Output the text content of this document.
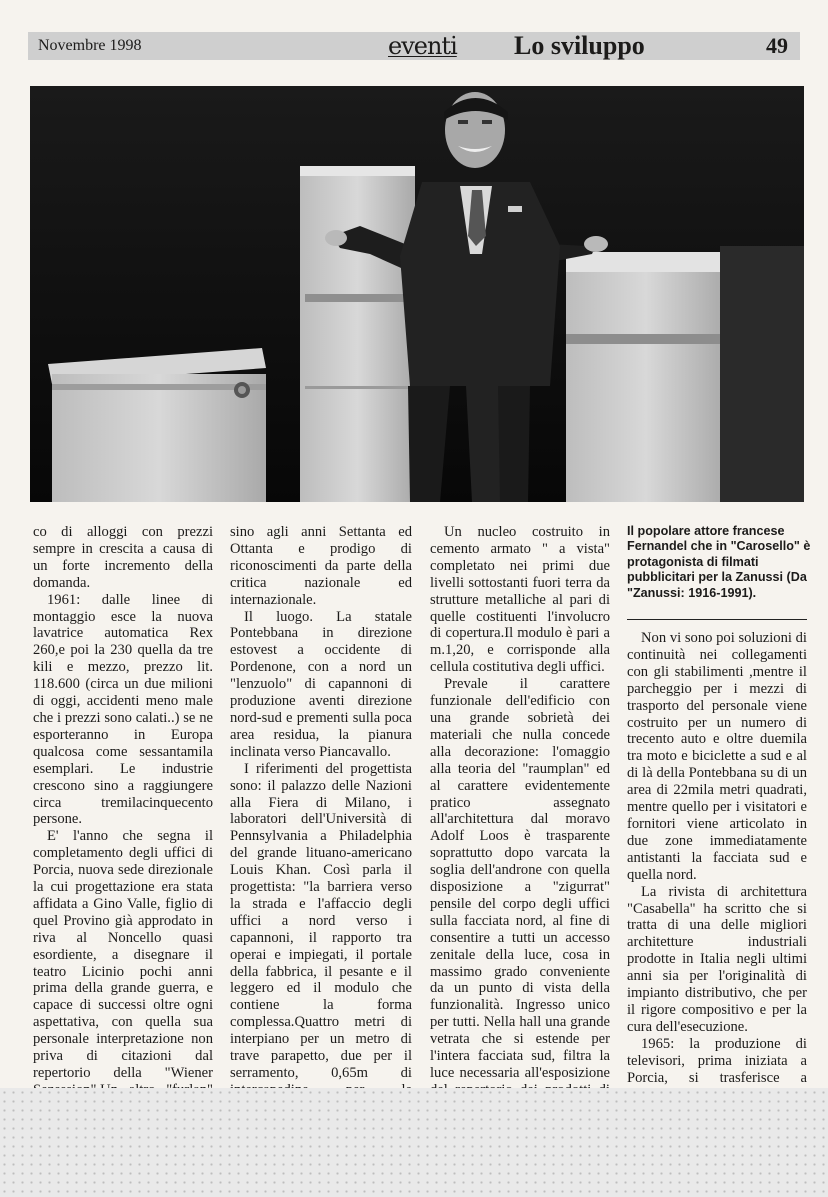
Novembre 1998	eventi Lo sviluppo	49

co di alloggi con prezzi sempre in crescita a causa di un forte incremento della domanda.

1961: dalle linee di montaggio esce la nuova lavatrice automatica Rex 260,e poi la 230 quella da tre kili e mezzo, prezzo lit. 118.600 (circa un due milioni di oggi, accidenti meno male che i prezzi sono calati..) se ne esporteranno in Europa qualcosa come sessantamila esemplari. Le industrie crescono sino a raggiungere circa tremilacinquecento persone.

E' l'anno che segna il completamento degli uffici di Porcia, nuova sede direzionale la cui progettazione era stata affidata a Gino Valle, figlio di quel Provino già approdato in riva al Noncello quasi esordiente, a disegnare il teatro Licinio pochi anni prima della grande guerra, e capace di successi oltre ogni aspettativa, con quella sua personale interpretazione non priva di citazioni dal repertorio della "Wiener

sino agli anni Settanta ed Ottanta e prodigo di riconoscimenti da parte della critica nazionale ed internazionale.

Il luogo. La statale Pontebbana in direzione estovest a occidente di Pordenone, con a nord un "lenzuolo" di capannoni di produzione aventi direzione nord-sud e prementi sulla poca area residua, la pianura inclinata verso Piancavallo.

I riferimenti del progettista sono: il palazzo delle Nazioni alla Fiera di Milano, i laboratori dell'Università di Pennsylvania a Philadelphia del grande lituano-americano Louis Khan. Così parla il progettista: "la barriera verso la strada e l'affaccio degli uffici a nord verso i capannoni, il rapporto tra operai e impiegati, il portale della fabbrica, il pesante e il leggero ed il modulo che contiene la forma complessa.Quattro metri di interpiano per un metro di trave parapetto, due per il serramento, 0,65m di

Un nucleo costruito in cemento armato " a vista" completato nei primi due livelli sottostanti fuori terra da strutture metalliche al pari di quelle costituenti l'involucro di copertura.Il modulo è pari a m.1,20, e corrisponde alla cellula costitutiva degli uffici.

Prevale il carattere funzionale dell'edificio con una grande sobrietà dei materiali che nulla concede alla decorazione: l'omaggio alla teoria del "raumplan" ed al carattere evidentemente pratico assegnato all'architettura dal moravo Adolf Loos è trasparente soprattutto dopo varcata la soglia dell'androne con quella disposizione a "zigurrat" pensile del corpo degli uffici sulla facciata nord, al fine di consentire a tutti un accesso zenitale della luce, cosa in massimo grado conveniente da un punto di vista della funzionalità. Ingresso unico per tutti. Nella hall una grande vetrata che si estende per l'intera facciata sud, filtra la luce necessaria all'esposizione

Il popolare attore francese Fernandel che in "Carosello" è protagonista di filmati pubblicitari per la Zanussi (Da "Zanussi: 1916-1991).

Non vi sono poi soluzioni di continuità nei collegamenti con gli stabilimenti ,mentre il parcheggio per i mezzi di trasporto del personale viene costruito per un numero di trecento auto e oltre duemila tra moto e biciclette a sud e al di là della Pontebbana su di un area di 22mila metri quadrati, mentre quello per i visitatori e fornitori viene articolato in due zone immediatamente antistanti la facciata sud e quella nord.

La rivista di architettura "Casabella" ha scritto che si tratta di una delle migliori architetture industriali prodotte in Italia negli ultimi anni sia per l'originalità di impianto distributivo, che per il rigore compositivo e per la cura dell'esecuzione.

1965: la produzione di televisori, prima iniziata a Porcia, si trasferisce a
